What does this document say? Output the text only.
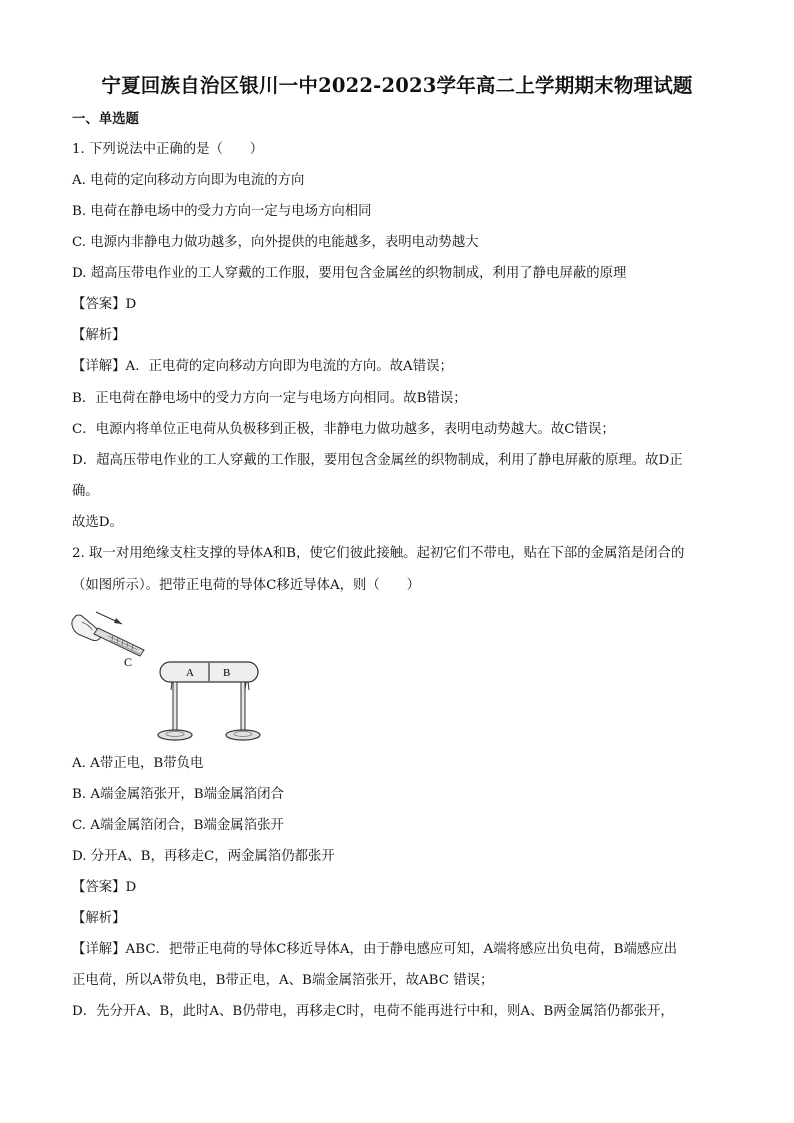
宁夏回族自治区银川一中2022-2023学年高二上学期期末物理试题
一、单选题
1. 下列说法中正确的是（　　）
A. 电荷的定向移动方向即为电流的方向
B. 电荷在静电场中的受力方向一定与电场方向相同
C. 电源内非静电力做功越多，向外提供的电能越多，表明电动势越大
D. 超高压带电作业的工人穿戴的工作服，要用包含金属丝的织物制成，利用了静电屏蔽的原理
【答案】D
【解析】
【详解】A．正电荷的定向移动方向即为电流的方向。故A错误；
B．正电荷在静电场中的受力方向一定与电场方向相同。故B错误；
C．电源内将单位正电荷从负极移到正极，非静电力做功越多，表明电动势越大。故C错误；
D．超高压带电作业的工人穿戴的工作服，要用包含金属丝的织物制成，利用了静电屏蔽的原理。故D正
确。
故选D。
2. 取一对用绝缘支柱支撑的导体A和B，使它们彼此接触。起初它们不带电，贴在下部的金属箔是闭合的
（如图所示）。把带正电荷的导体C移近导体A，则（　　）
C
A	B
A. A带正电，B带负电
B. A端金属箔张开，B端金属箔闭合
C. A端金属箔闭合，B端金属箔张开
D. 分开A、B，再移走C，两金属箔仍都张开
【答案】D
【解析】
【详解】ABC．把带正电荷的导体C移近导体A，由于静电感应可知，A端将感应出负电荷，B端感应出
正电荷，所以A带负电，B带正电，A、B端金属箔张开，故ABC 错误；
D．先分开A、B，此时A、B仍带电，再移走C时，电荷不能再进行中和，则A、B两金属箔仍都张开，
